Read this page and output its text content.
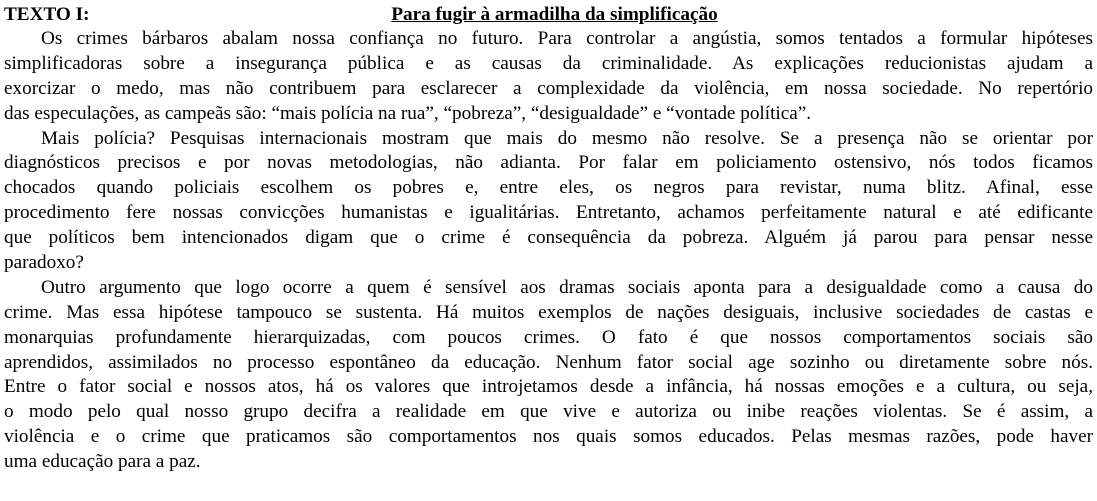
TEXTO I:	Para fugir à armadilha da simplificação
Os crimes bárbaros abalam nossa confiança no futuro. Para controlar a angústia, somos tentados a formular hipóteses
simplificadoras sobre a insegurança pública e as causas da criminalidade. As explicações reducionistas ajudam a
exorcizar o medo, mas não contribuem para esclarecer a complexidade da violência, em nossa sociedade. No repertório
das especulações, as campeãs são: “mais polícia na rua”, “pobreza”, “desigualdade” e “vontade política”.
Mais polícia? Pesquisas internacionais mostram que mais do mesmo não resolve. Se a presença não se orientar por
diagnósticos precisos e por novas metodologias, não adianta. Por falar em policiamento ostensivo, nós todos ficamos
chocados quando policiais escolhem os pobres e, entre eles, os negros para revistar, numa blitz. Afinal, esse
procedimento fere nossas convicções humanistas e igualitárias. Entretanto, achamos perfeitamente natural e até edificante
que políticos bem intencionados digam que o crime é consequência da pobreza. Alguém já parou para pensar nesse
paradoxo?
Outro argumento que logo ocorre a quem é sensível aos dramas sociais aponta para a desigualdade como a causa do
crime. Mas essa hipótese tampouco se sustenta. Há muitos exemplos de nações desiguais, inclusive sociedades de castas e
monarquias profundamente hierarquizadas, com poucos crimes. O fato é que nossos comportamentos sociais são
aprendidos, assimilados no processo espontâneo da educação. Nenhum fator social age sozinho ou diretamente sobre nós.
Entre o fator social e nossos atos, há os valores que introjetamos desde a infância, há nossas emoções e a cultura, ou seja,
o modo pelo qual nosso grupo decifra a realidade em que vive e autoriza ou inibe reações violentas. Se é assim, a
violência e o crime que praticamos são comportamentos nos quais somos educados. Pelas mesmas razões, pode haver
uma educação para a paz.
